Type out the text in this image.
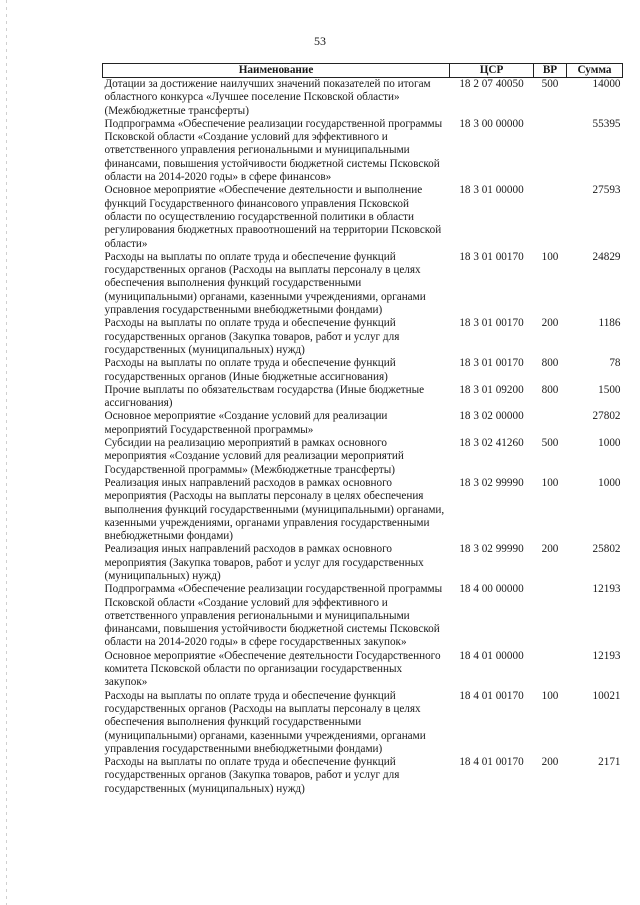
53
Наименование	ЦСР	ВР	Сумма
Дотации за достижение наилучших значений показателей по итогам областного конкурса «Лучшее поселение Псковской области» (Межбюджетные трансферты)	18 2 07 40050	500	14000
Подпрограмма «Обеспечение реализации государственной программы Псковской области «Создание условий для эффективного и ответственного управления региональными и муниципальными финансами, повышения устойчивости бюджетной системы Псковской области на 2014-2020 годы» в сфере финансов»	18 3 00 00000		55395
Основное мероприятие «Обеспечение деятельности и выполнение функций Государственного финансового управления Псковской области по осуществлению государственной политики в области регулирования бюджетных правоотношений на территории Псковской области»	18 3 01 00000		27593
Расходы на выплаты по оплате труда и обеспечение функций государственных органов (Расходы на выплаты персоналу в целях обеспечения выполнения функций государственными (муниципальными) органами, казенными учреждениями, органами управления государственными внебюджетными фондами)	18 3 01 00170	100	24829
Расходы на выплаты по оплате труда и обеспечение функций государственных органов (Закупка товаров, работ и услуг для государственных (муниципальных) нужд)	18 3 01 00170	200	1186
Расходы на выплаты по оплате труда и обеспечение функций государственных органов (Иные бюджетные ассигнования)	18 3 01 00170	800	78
Прочие выплаты по обязательствам государства (Иные бюджетные ассигнования)	18 3 01 09200	800	1500
Основное мероприятие «Создание условий для реализации мероприятий Государственной программы»	18 3 02 00000		27802
Субсидии на реализацию мероприятий в рамках основного мероприятия «Создание условий для реализации мероприятий Государственной программы» (Межбюджетные трансферты)	18 3 02 41260	500	1000
Реализация иных направлений расходов в рамках основного мероприятия (Расходы на выплаты персоналу в целях обеспечения выполнения функций государственными (муниципальными) органами, казенными учреждениями, органами управления государственными внебюджетными фондами)	18 3 02 99990	100	1000
Реализация иных направлений расходов в рамках основного мероприятия (Закупка товаров, работ и услуг для государственных (муниципальных) нужд)	18 3 02 99990	200	25802
Подпрограмма «Обеспечение реализации государственной программы Псковской области «Создание условий для эффективного и ответственного управления региональными и муниципальными финансами, повышения устойчивости бюджетной системы Псковской области на 2014-2020 годы» в сфере государственных закупок»	18 4 00 00000		12193
Основное мероприятие «Обеспечение деятельности Государственного комитета Псковской области по организации государственных закупок»	18 4 01 00000		12193
Расходы на выплаты по оплате труда и обеспечение функций государственных органов (Расходы на выплаты персоналу в целях обеспечения выполнения функций государственными (муниципальными) органами, казенными учреждениями, органами управления государственными внебюджетными фондами)	18 4 01 00170	100	10021
Расходы на выплаты по оплате труда и обеспечение функций государственных органов (Закупка товаров, работ и услуг для государственных (муниципальных) нужд)	18 4 01 00170	200	2171
